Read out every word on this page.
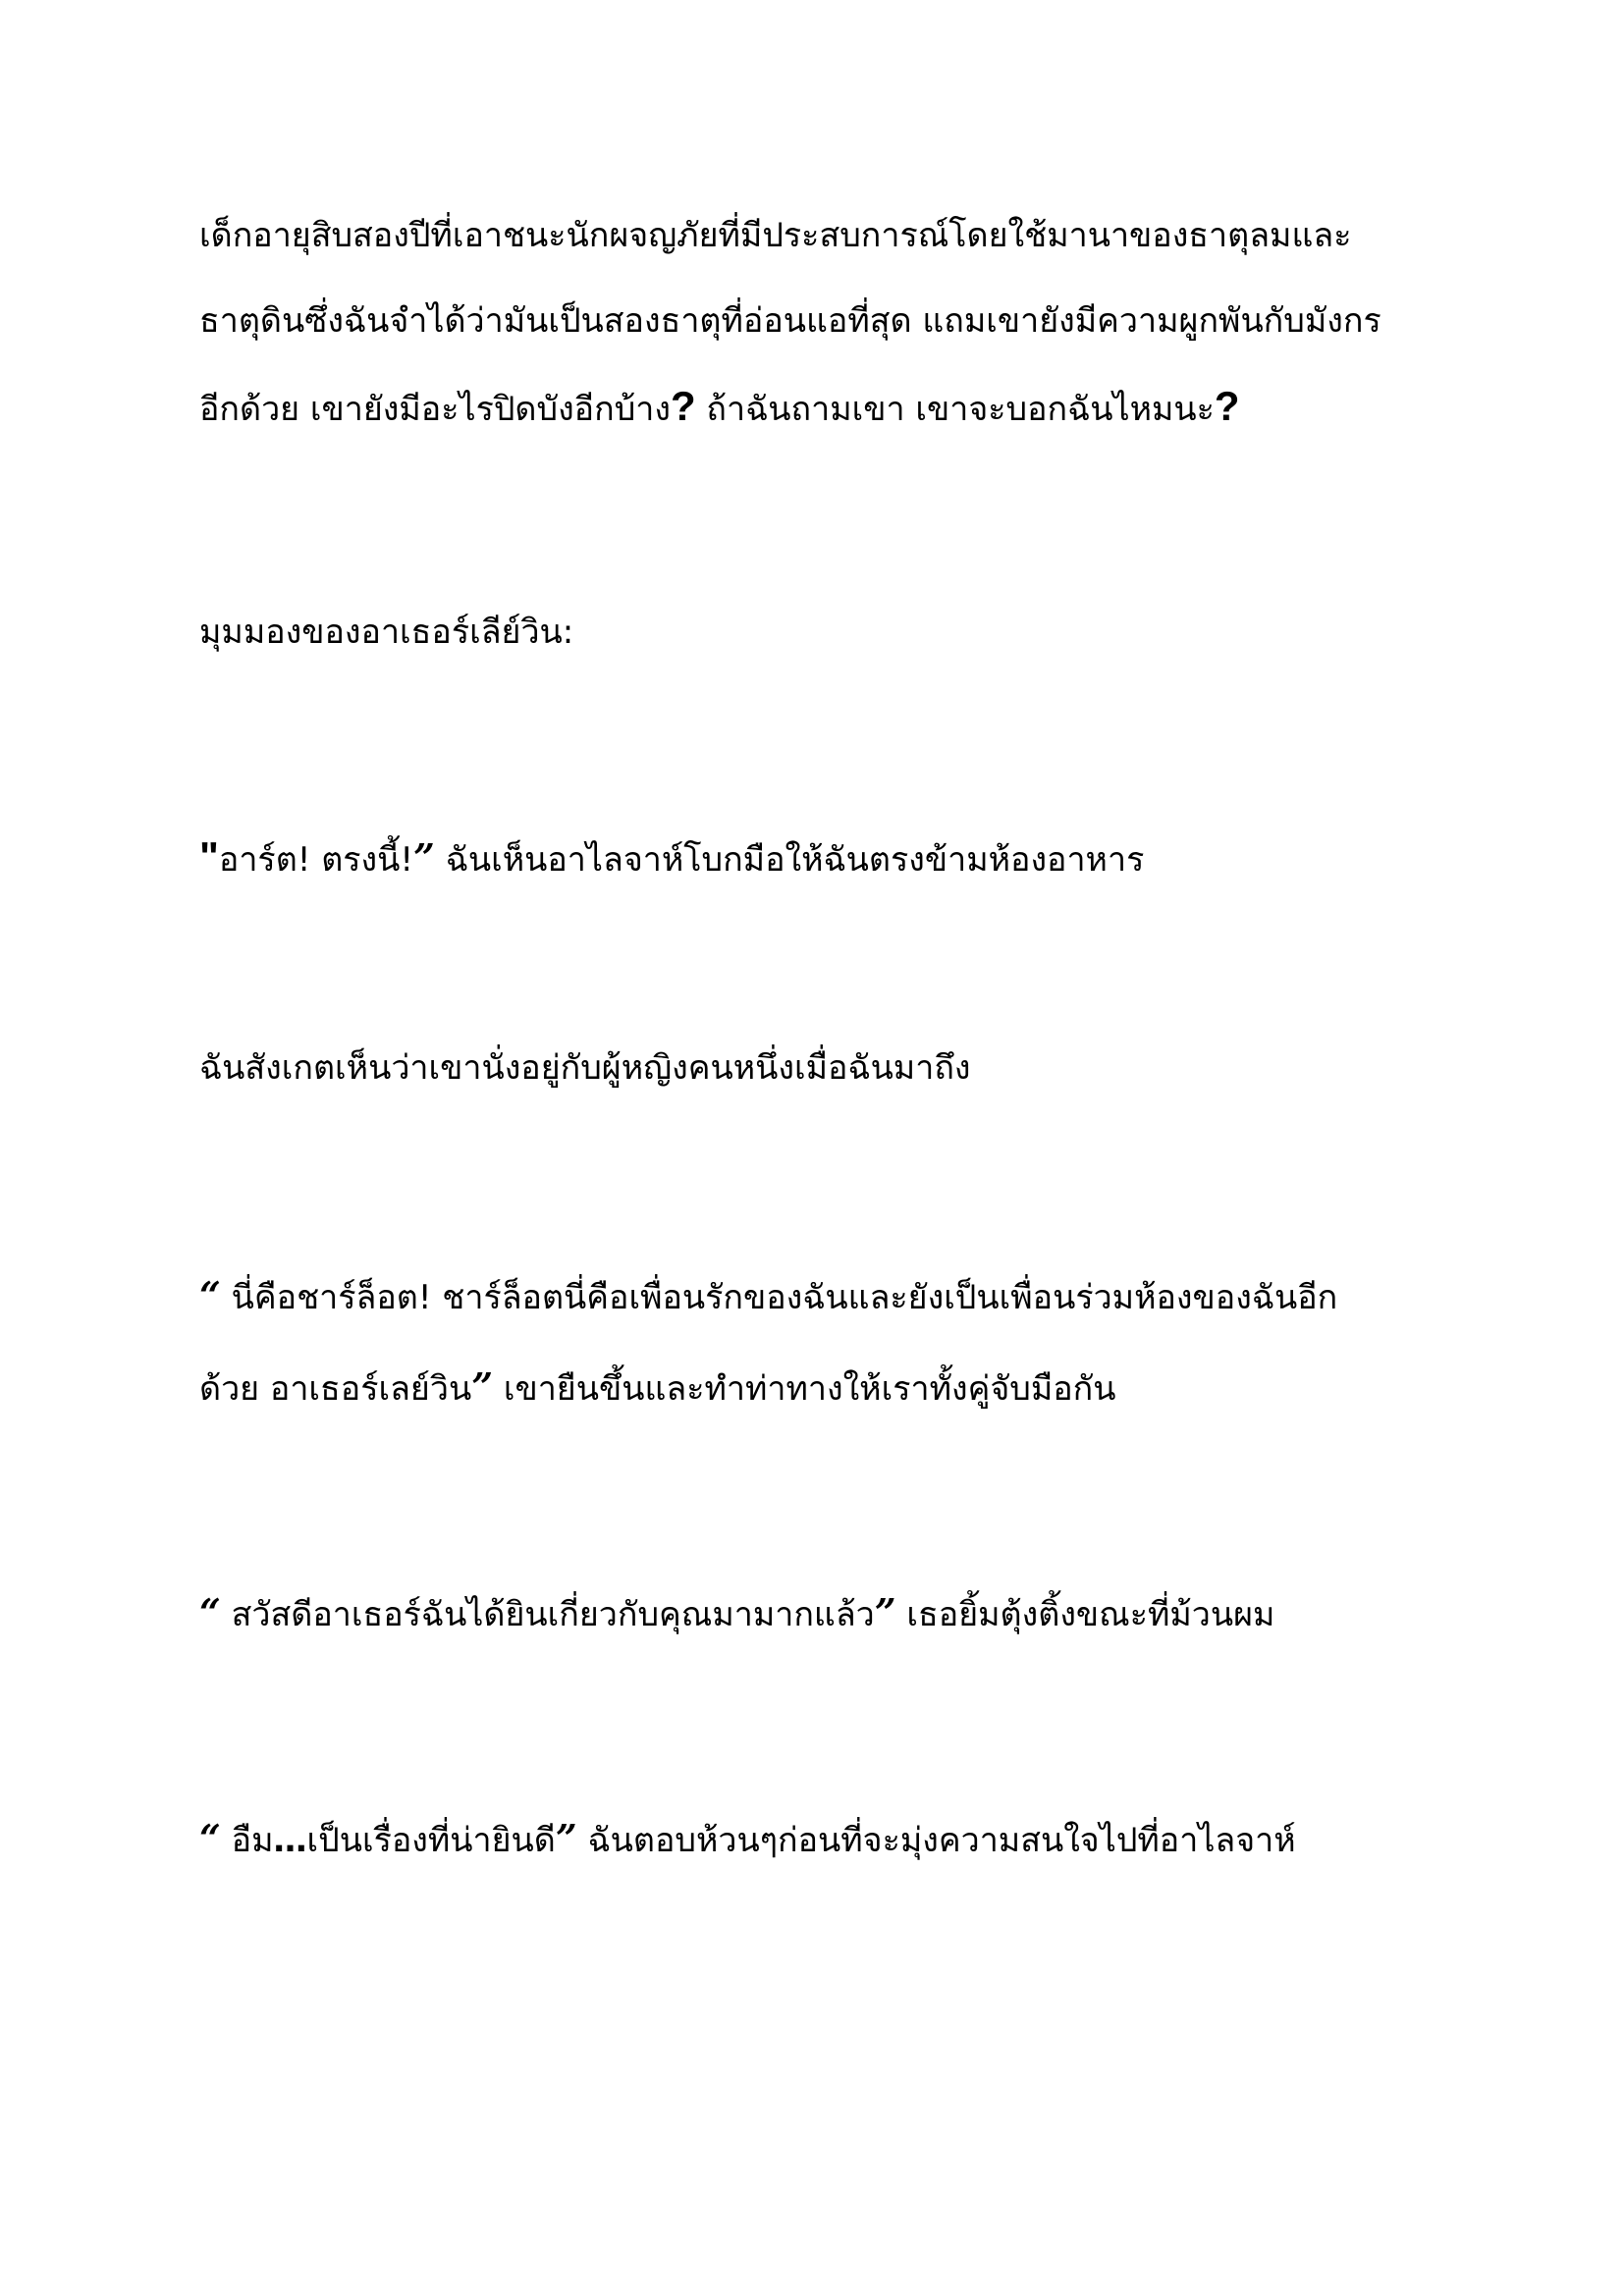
เด็กอายุสิบสองปีที่เอาชนะนักผจญภัยที่มีประสบการณ์โดยใช้มานาของธาตุลมและ
ธาตุดินซึ่งฉันจำได้ว่ามันเป็นสองธาตุที่อ่อนแอที่สุด แถมเขายังมีความผูกพันกับมังกร
อีกด้วย เขายังมีอะไรปิดบังอีกบ้าง? ถ้าฉันถามเขา เขาจะบอกฉันไหมนะ?
มุมมองของอาเธอร์เลีย์วิน:
"อาร์ต! ตรงนี้!” ฉันเห็นอาไลจาห์โบกมือให้ฉันตรงข้ามห้องอาหาร
ฉันสังเกตเห็นว่าเขานั่งอยู่กับผู้หญิงคนหนึ่งเมื่อฉันมาถึง
“ นี่คือชาร์ล็อต! ชาร์ล็อตนี่คือเพื่อนรักของฉันและยังเป็นเพื่อนร่วมห้องของฉันอีก
ด้วย อาเธอร์เลย์วิน” เขายืนขึ้นและทำท่าทางให้เราทั้งคู่จับมือกัน
“ สวัสดีอาเธอร์ฉันได้ยินเกี่ยวกับคุณมามากแล้ว” เธอยิ้มตุ้งติ้งขณะที่ม้วนผม
“ อืม…เป็นเรื่องที่น่ายินดี” ฉันตอบห้วนๆก่อนที่จะมุ่งความสนใจไปที่อาไลจาห์
